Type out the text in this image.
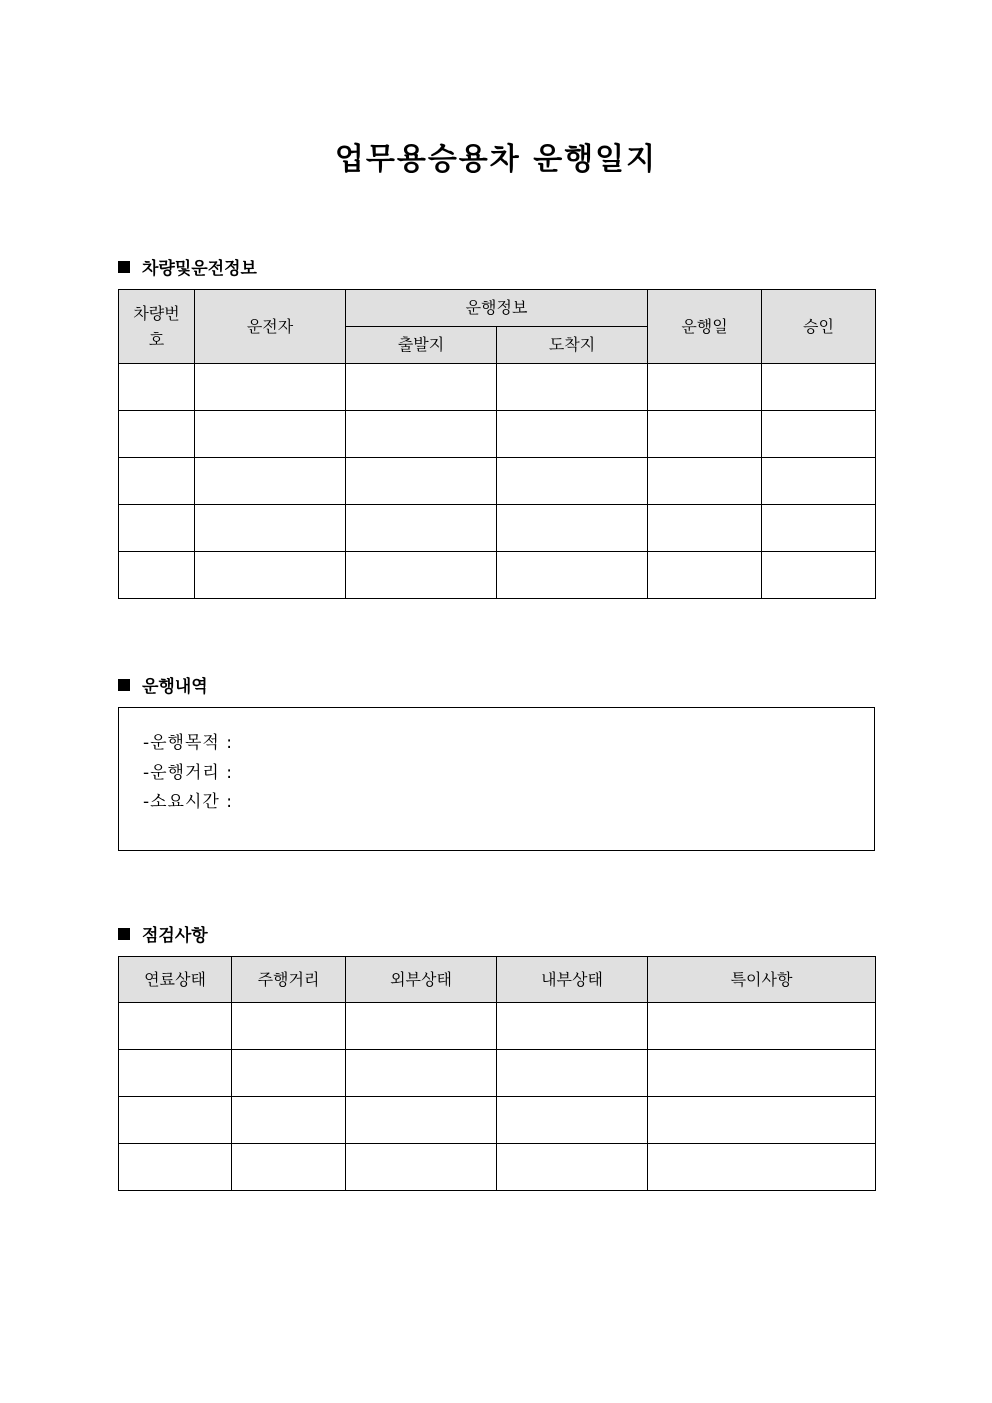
업무용승용차 운행일지
차량및운전정보
차량번호	운전자	운행정보		운행일	승인
		출발지	도착지		

운행내역
-운행목적 :
-운행거리 :
-소요시간 :
점검사항
연료상태	주행거리	외부상태	내부상태	특이사항
